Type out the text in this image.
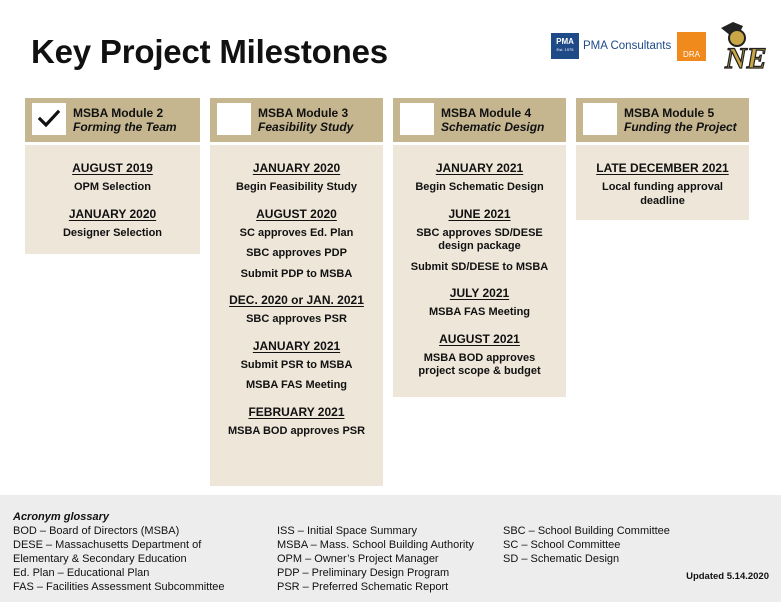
Key Project Milestones	PMA
Est. 1975 PMA Consultants
DRA NE
MSBA Module 2
Forming the Team
MSBA Module 3
Feasibility Study
MSBA Module 4
Schematic Design
MSBA Module 5
Funding the Project
AUGUST 2019
OPM Selection
JANUARY 2020
Designer Selection
JANUARY 2020
Begin Feasibility Study
AUGUST 2020
SC approves Ed. Plan
SBC approves PDP
Submit PDP to MSBA
DEC. 2020 or JAN. 2021
SBC approves PSR
JANUARY 2021
Submit PSR to MSBA
MSBA FAS Meeting
FEBRUARY 2021
MSBA BOD approves PSR
JANUARY 2021
Begin Schematic Design
JUNE 2021
SBC approves SD/DESE design package
Submit SD/DESE to MSBA
JULY 2021
MSBA FAS Meeting
AUGUST 2021
MSBA BOD approves project scope & budget
LATE DECEMBER 2021
Local funding approval deadline
Acronym glossary
BOD – Board of Directors (MSBA)
DESE – Massachusetts Department of
Elementary & Secondary Education
Ed. Plan – Educational Plan
FAS – Facilities Assessment Subcommittee
ISS – Initial Space Summary
MSBA – Mass. School Building Authority
OPM – Owner’s Project Manager
PDP – Preliminary Design Program
PSR – Preferred Schematic Report
SBC – School Building Committee
SC – School Committee
SD – Schematic Design
Updated 5.14.2020
